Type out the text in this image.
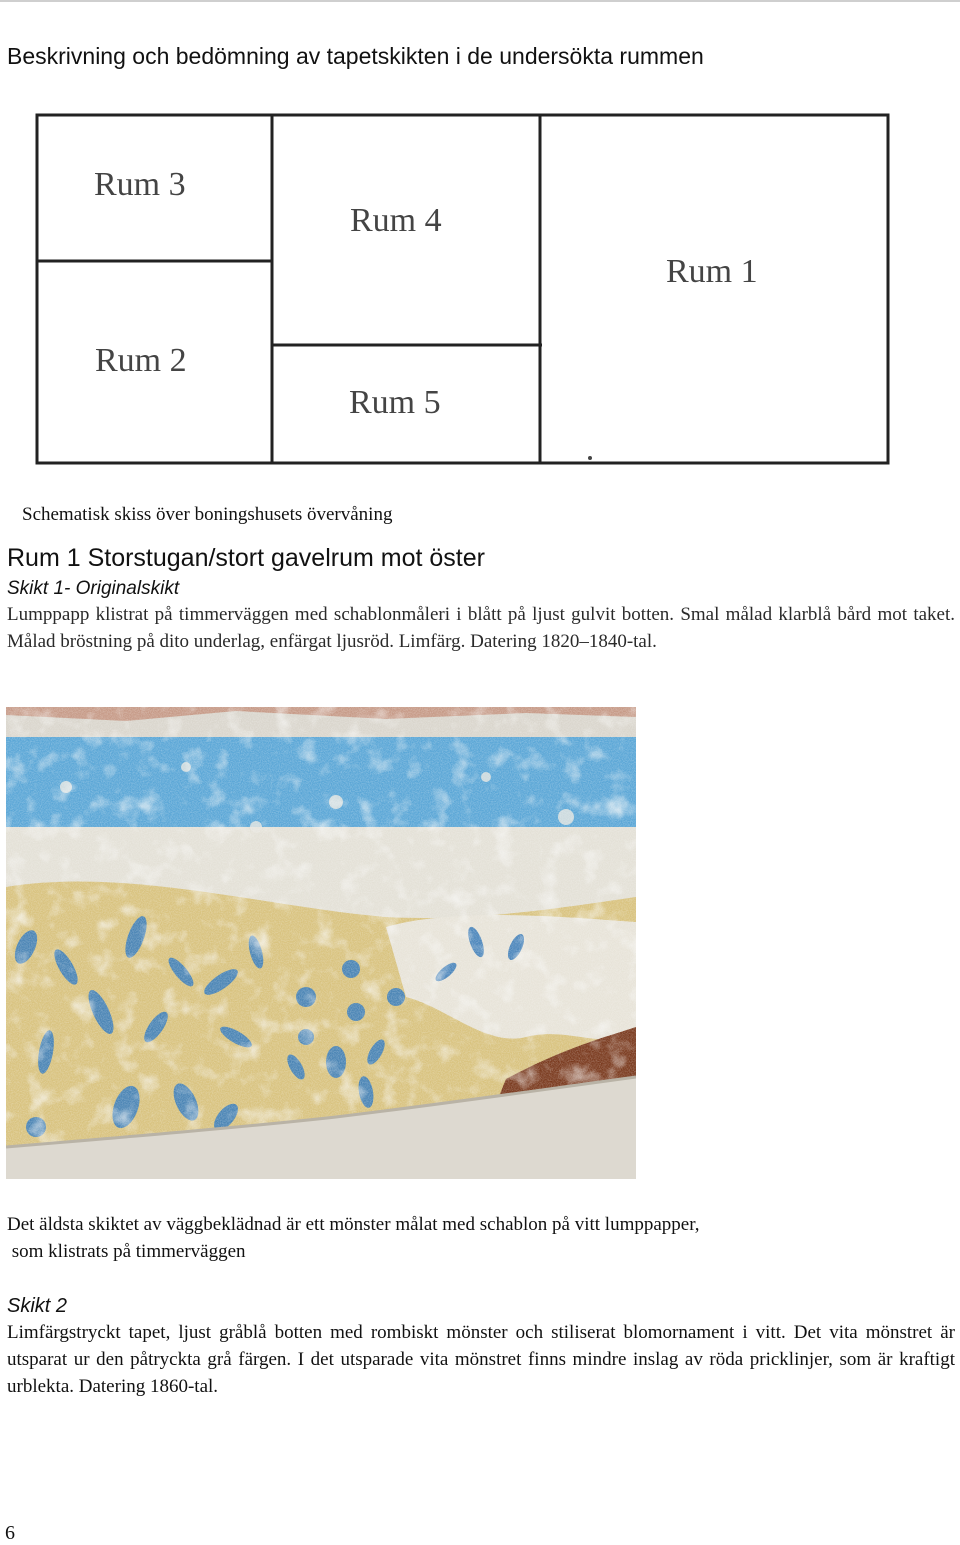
Beskrivning och bedömning av tapetskikten i de undersökta rummen
Rum 3
Rum 4
Rum 1
Rum 2
Rum 5
Schematisk skiss över boningshusets övervåning
Rum 1 Storstugan/stort gavelrum mot öster
Skikt 1- Originalskikt

Lumppapp klistrat på timmerväggen med schablonmåleri i blått på ljust gulvit botten. Smal målad klarblå bård mot taket. Målad bröstning på dito underlag, enfärgat ljusröd. Limfärg. Datering 1820–1840-tal.

Det äldsta skiktet av väggbeklädnad är ett mönster målat med schablon på vitt lumppapper,
som klistrats på timmerväggen

Skikt 2

Limfärgstryckt tapet, ljust gråblå botten med rombiskt mönster och stiliserat blomornament i vitt. Det vita mönstret är utsparat ur den påtryckta grå färgen. I det utsparade vita mönstret finns mindre inslag av röda pricklinjer, som är kraftigt urblekta. Datering 1860-tal.

6
